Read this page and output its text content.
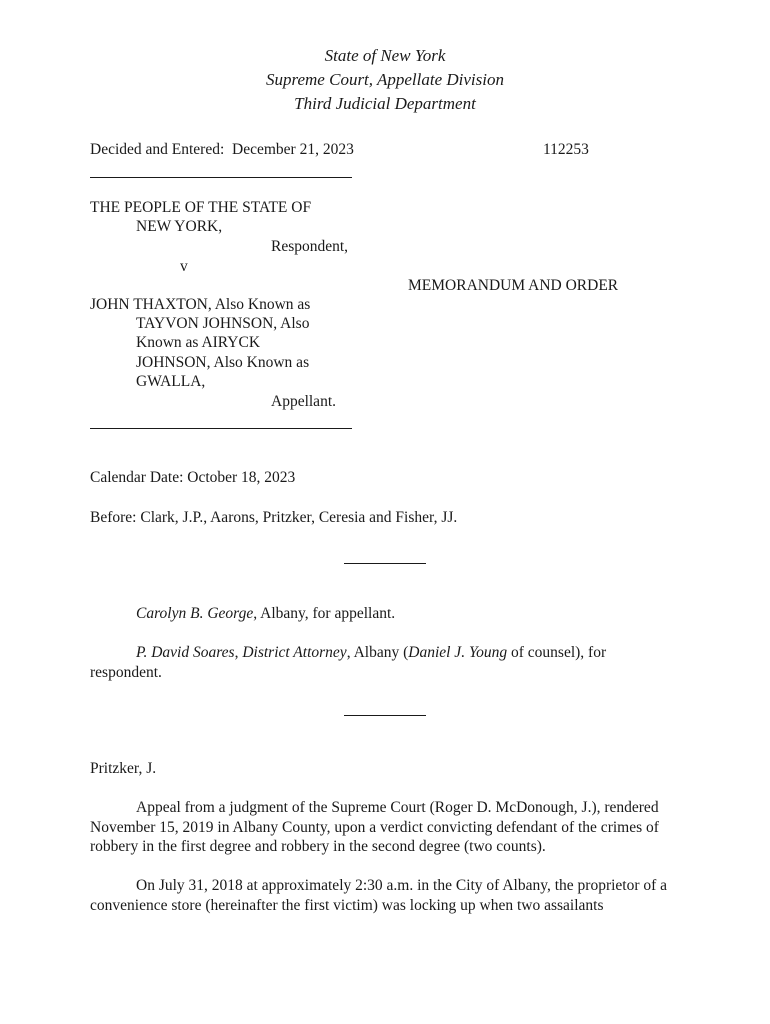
State of New York
Supreme Court, Appellate Division
Third Judicial Department
Decided and Entered: December 21, 2023	112253
THE PEOPLE OF THE STATE OF
NEW YORK,
Respondent,
v
MEMORANDUM AND ORDER
JOHN THAXTON, Also Known as
TAYVON JOHNSON, Also
Known as AIRYCK
JOHNSON, Also Known as
GWALLA,
Appellant.
Calendar Date: October 18, 2023
Before: Clark, J.P., Aarons, Pritzker, Ceresia and Fisher, JJ.
Carolyn B. George, Albany, for appellant.
P. David Soares, District Attorney, Albany (Daniel J. Young of counsel), for respondent.
Pritzker, J.
Appeal from a judgment of the Supreme Court (Roger D. McDonough, J.), rendered November 15, 2019 in Albany County, upon a verdict convicting defendant of the crimes of robbery in the first degree and robbery in the second degree (two counts).
On July 31, 2018 at approximately 2:30 a.m. in the City of Albany, the proprietor of a convenience store (hereinafter the first victim) was locking up when two assailants
